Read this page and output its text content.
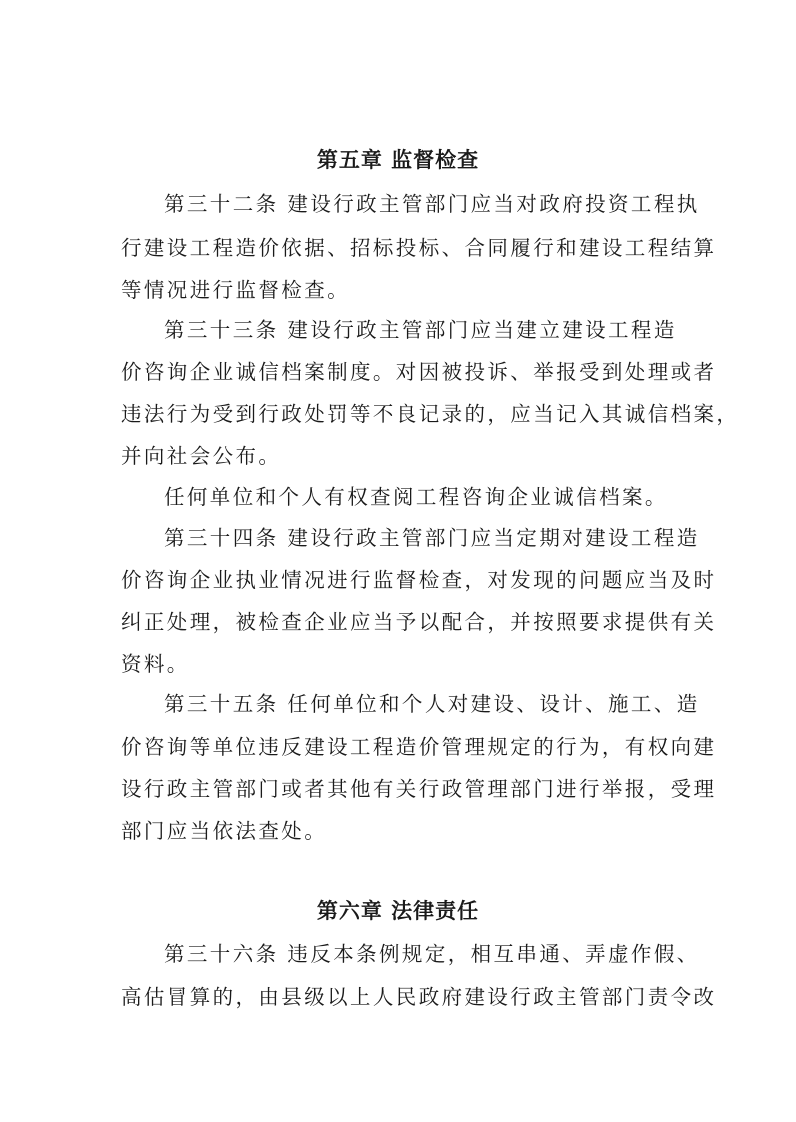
第五章 监督检查
第三十二条 建设行政主管部门应当对政府投资工程执
行建设工程造价依据、招标投标、合同履行和建设工程结算
等情况进行监督检查。
第三十三条 建设行政主管部门应当建立建设工程造
价咨询企业诚信档案制度。对因被投诉、举报受到处理或者
违法行为受到行政处罚等不良记录的，应当记入其诚信档案，
并向社会公布。
任何单位和个人有权查阅工程咨询企业诚信档案。
第三十四条 建设行政主管部门应当定期对建设工程造
价咨询企业执业情况进行监督检查，对发现的问题应当及时
纠正处理，被检查企业应当予以配合，并按照要求提供有关
资料。
第三十五条 任何单位和个人对建设、设计、施工、造
价咨询等单位违反建设工程造价管理规定的行为，有权向建
设行政主管部门或者其他有关行政管理部门进行举报，受理
部门应当依法查处。
第六章 法律责任
第三十六条 违反本条例规定，相互串通、弄虚作假、
高估冒算的，由县级以上人民政府建设行政主管部门责令改
